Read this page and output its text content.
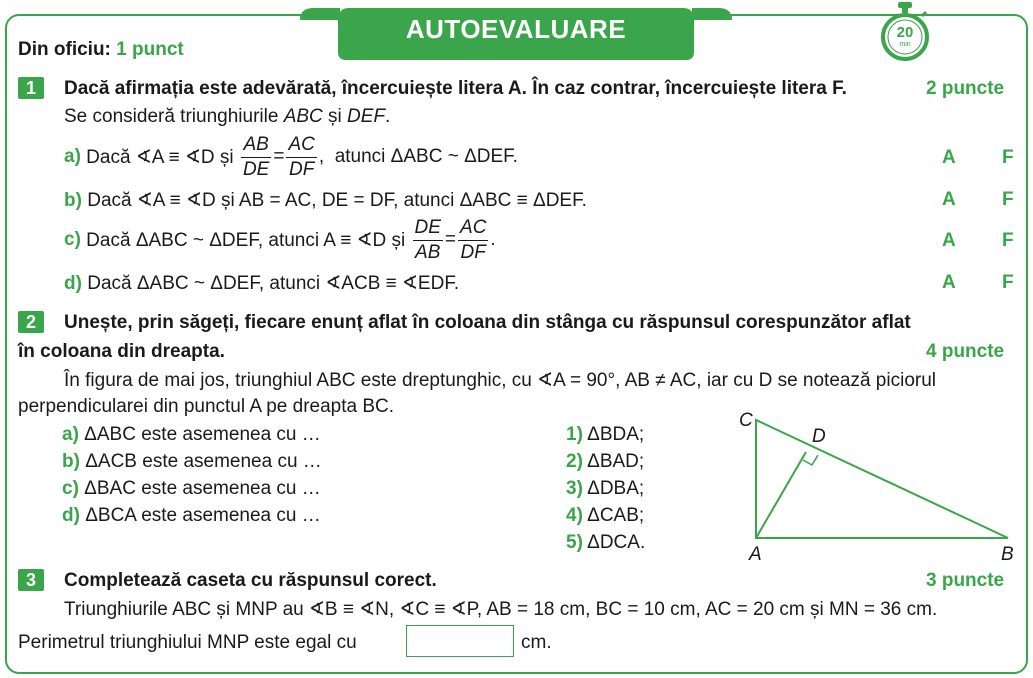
AUTOEVALUARE
Din oficiu: 1 punct
20
min
1	Dacă afirmația este adevărată, încercuiește litera A. În caz contrar, încercuiește litera F.	2 puncte
Se consideră triunghiurile ABC și DEF.
a) Dacă ∢A ≡ ∢D și $\frac{AB}{DE} = \frac{AC}{DF}$ ,  atunci ΔABC ~ ΔDEF.	A F
b) Dacă ∢A ≡ ∢D și AB = AC, DE = DF, atunci ΔABC ≡ ΔDEF.	A F
c) Dacă ΔABC ~ ΔDEF, atunci A ≡ ∢D și $\frac{DE}{AB} = \frac{AC}{DF}$ .	A F
d) Dacă ΔABC ~ ΔDEF, atunci ∢ACB ≡ ∢EDF.	A F
2	Unește, prin săgeți, fiecare enunț aflat în coloana din stânga cu răspunsul corespunzător aflat
în coloana din dreapta.	4 puncte
În figura de mai jos, triunghiul ABC este dreptunghic, cu ∢A = 90°, AB ≠ AC, iar cu D se notează piciorul
perpendicularei din punctul A pe dreapta BC.
a) ΔABC este asemenea cu …
b) ΔACB este asemenea cu …
c) ΔBAC este asemenea cu …
d) ΔBCA este asemenea cu …
1) ΔBDA;
2) ΔBAD;
3) ΔDBA;
4) ΔCAB;
5) ΔDCA.
C
D
A	B
3	Completează caseta cu răspunsul corect.	3 puncte
Triunghiurile ABC și MNP au ∢B ≡ ∢N, ∢C ≡ ∢P, AB = 18 cm, BC = 10 cm, AC = 20 cm și MN = 36 cm.
Perimetrul triunghiului MNP este egal cu	cm.
